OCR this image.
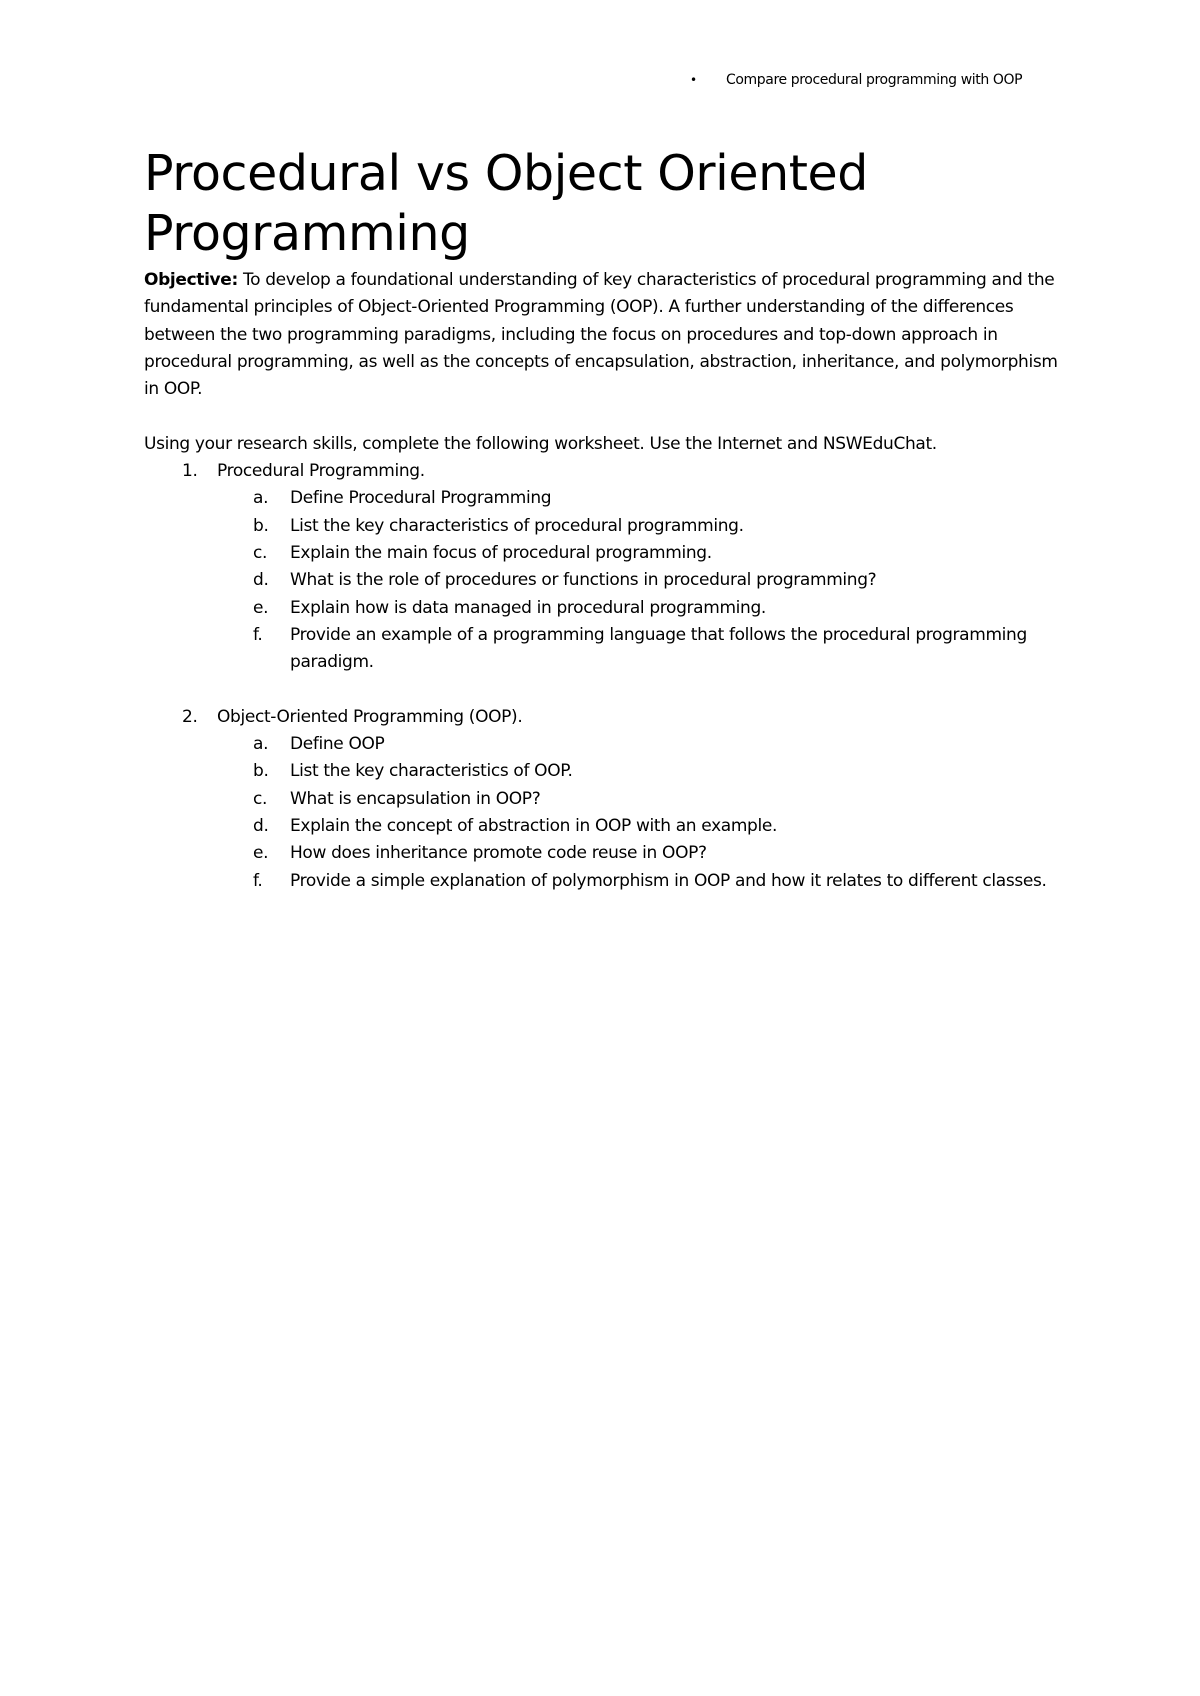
•	Compare procedural programming with OOP
Procedural vs Object Oriented Programming

Objective: To develop a foundational understanding of key characteristics of procedural programming and the fundamental principles of Object-Oriented Programming (OOP). A further understanding of the differences between the two programming paradigms, including the focus on procedures and top-down approach in procedural programming, as well as the concepts of encapsulation, abstraction, inheritance, and polymorphism in OOP.

Using your research skills, complete the following worksheet. Use the Internet and NSWEduChat.

1. Procedural Programming.
a. Define Procedural Programming
b. List the key characteristics of procedural programming.
c. Explain the main focus of procedural programming.
d. What is the role of procedures or functions in procedural programming?
e. Explain how is data managed in procedural programming.
f. Provide an example of a programming language that follows the procedural programming paradigm.
2. Object-Oriented Programming (OOP).
a. Define OOP
b. List the key characteristics of OOP.
c. What is encapsulation in OOP?
d. Explain the concept of abstraction in OOP with an example.
e. How does inheritance promote code reuse in OOP?
f. Provide a simple explanation of polymorphism in OOP and how it relates to different classes.
